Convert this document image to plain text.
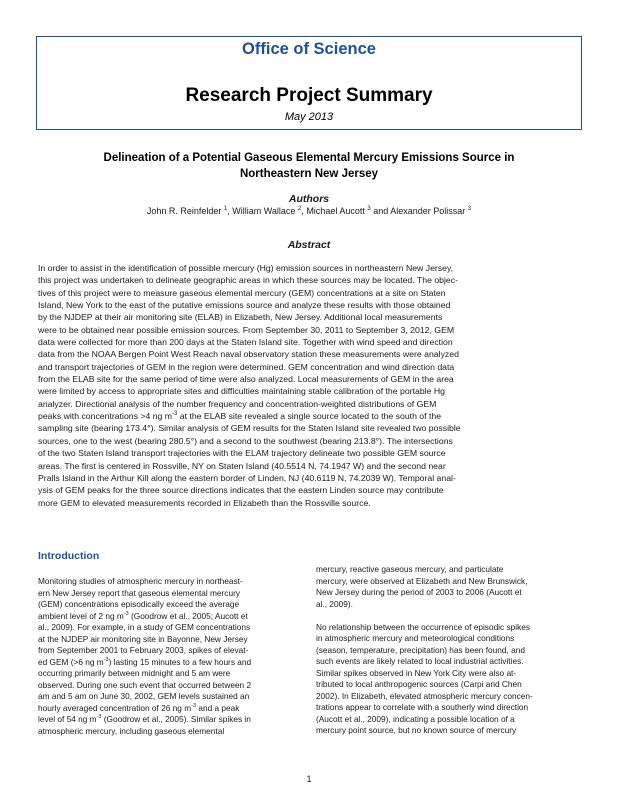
Office of Science
Research Project Summary
May 2013
Delineation of a Potential Gaseous Elemental Mercury Emissions Source in
Northeastern New Jersey
Authors
John R. Reinfelder $^1$, William Wallace $^2$, Michael Aucott $^3$ and Alexander Polissar $^3$
Abstract
In order to assist in the identification of possible mercury (Hg) emission sources in northeastern New Jersey,
this project was undertaken to delineate geographic areas in which these sources may be located. The objec-
tives of this project were to measure gaseous elemental mercury (GEM) concentrations at a site on Staten
Island, New York to the east of the putative emissions source and analyze these results with those obtained
by the NJDEP at their air monitoring site (ELAB) in Elizabeth, New Jersey. Additional local measurements
were to be obtained near possible emission sources. From September 30, 2011 to September 3, 2012, GEM
data were collected for more than 200 days at the Staten Island site. Together with wind speed and direction
data from the NOAA Bergen Point West Reach naval observatory station these measurements were analyzed
and transport trajectories of GEM in the region were determined. GEM concentration and wind direction data
from the ELAB site for the same period of time were also analyzed. Local measurements of GEM in the area
were limited by access to appropriate sites and difficulties maintaining stable calibration of the portable Hg
analyzer. Directional analysis of the number frequency and concentration-weighted distributions of GEM
peaks with concentrations >4 ng $m^{-3}$ at the ELAB site revealed a single source located to the south of the
sampling site (bearing 173.4°). Similar analysis of GEM results for the Staten Island site revealed two possible
sources, one to the west (bearing 280.5°) and a second to the southwest (bearing 213.8°). The intersections
of the two Staten Island transport trajectories with the ELAM trajectory delineate two possible GEM source
areas. The first is centered in Rossville, NY on Staten Island (40.5514 N, 74.1947 W) and the second near
Pralls Island in the Arthur Kill along the eastern border of Linden, NJ (40.6119 N, 74.2039 W). Temporal anal-
ysis of GEM peaks for the three source directions indicates that the eastern Linden source may contribute
more GEM to elevated measurements recorded in Elizabeth than the Rossville source.
Introduction
Monitoring studies of atmospheric mercury in northeast-
ern New Jersey report that gaseous elemental mercury
(GEM) concentrations episodically exceed the average
ambient level of 2 ng $m^{-3}$ (Goodrow et al., 2005; Aucott et
al., 2009). For example, in a study of GEM concentrations
at the NJDEP air monitoring site in Bayonne, New Jersey
from September 2001 to February 2003, spikes of elevat-
ed GEM (>6 ng $m^{-3}$) lasting 15 minutes to a few hours and
occurring primarily between midnight and 5 am were
observed. During one such event that occurred between 2
am and 5 am on June 30, 2002, GEM levels sustained an
hourly averaged concentration of 26 ng $m^{-3}$ and a peak
level of 54 ng $m^{-3}$ (Goodrow et al., 2005). Similar spikes in
atmospheric mercury, including gaseous elemental
mercury, reactive gaseous mercury, and particulate
mercury, were observed at Elizabeth and New Brunswick,
New Jersey during the period of 2003 to 2006 (Aucott et
al., 2009).
No relationship between the occurrence of episodic spikes
in atmospheric mercury and meteorological conditions
(season, temperature, precipitation) has been found, and
such events are likely related to local industrial activities.
Similar spikes observed in New York City were also at-
tributed to local anthropogenic sources (Carpi and Chen
2002). In Elizabeth, elevated atmospheric mercury concen-
trations appear to correlate with a southerly wind direction
(Aucott et al., 2009), indicating a possible location of a
mercury point source, but no known source of mercury
1
